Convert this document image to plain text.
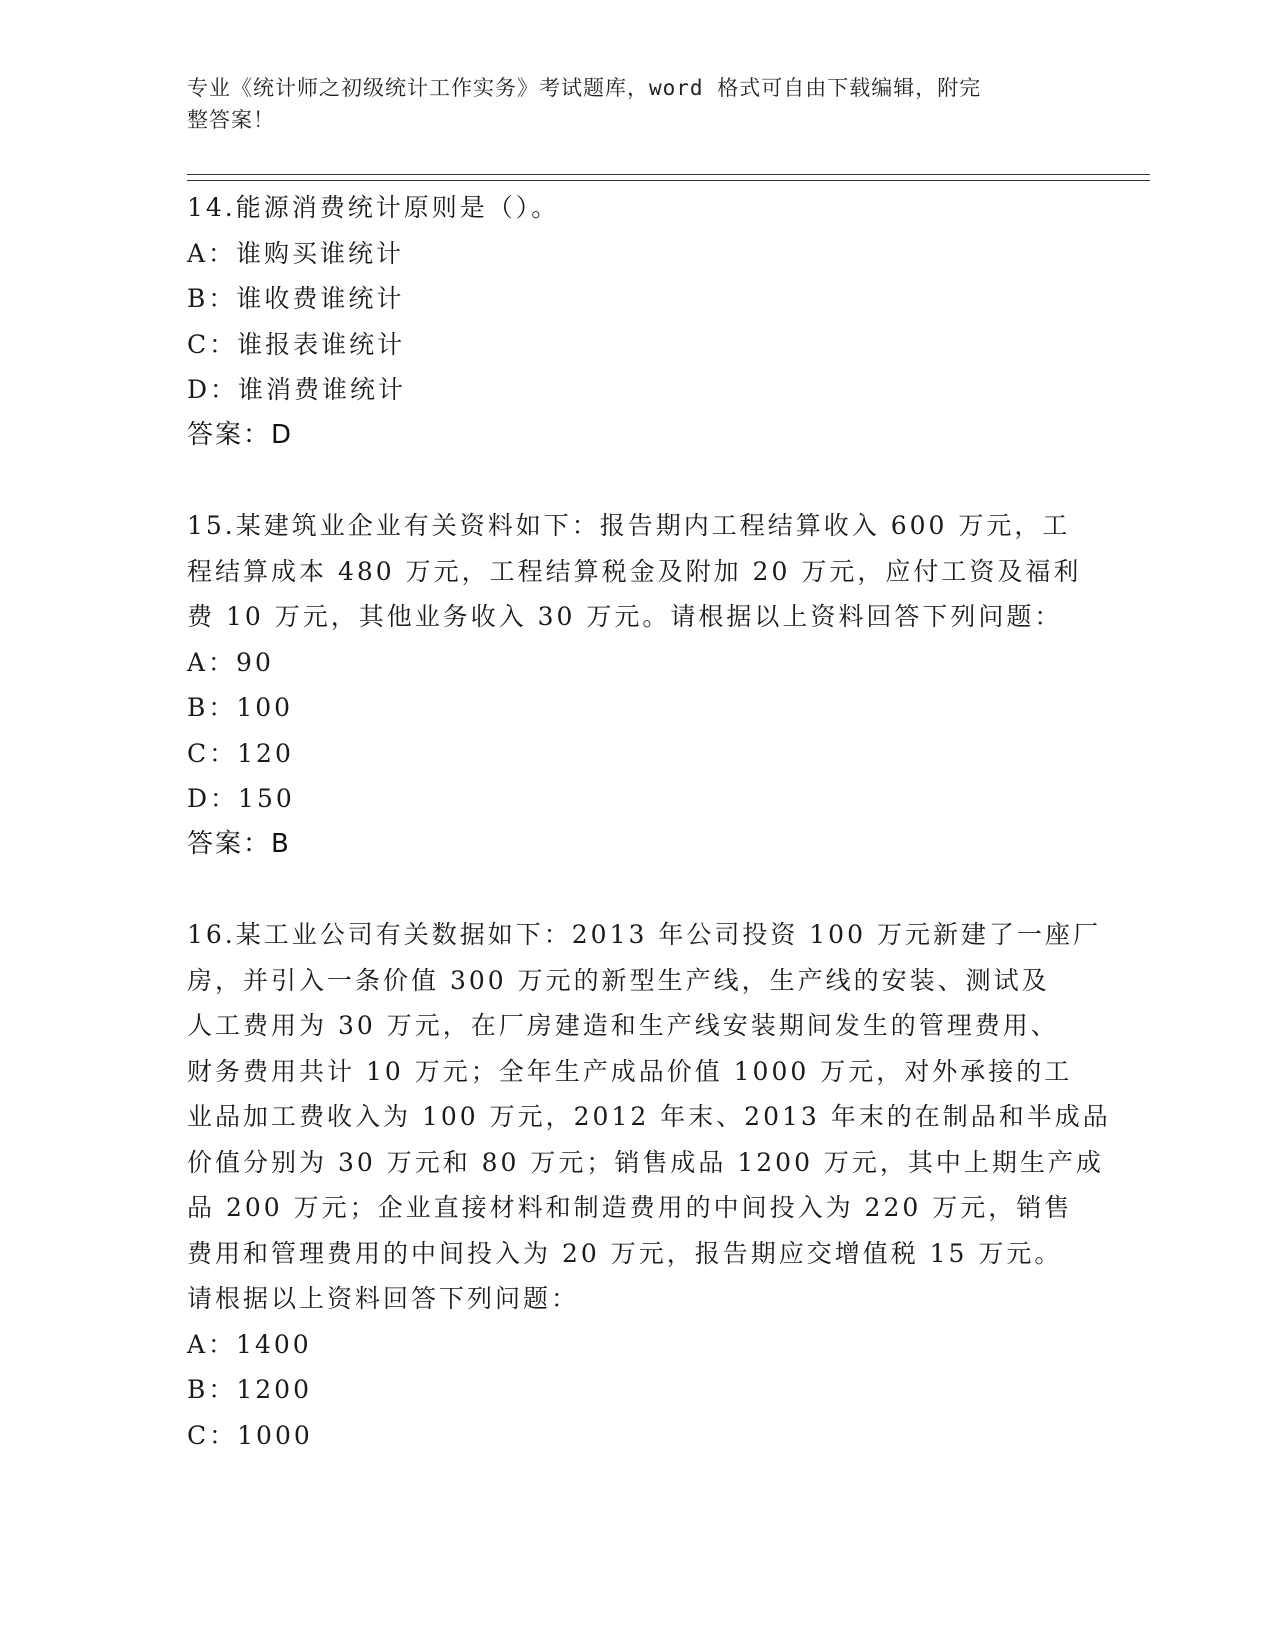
专业《统计师之初级统计工作实务》考试题库，word 格式可自由下载编辑，附完
整答案！
14.能源消费统计原则是（）。
A：谁购买谁统计
B：谁收费谁统计
C：谁报表谁统计
D：谁消费谁统计
答案：D
15.某建筑业企业有关资料如下：报告期内工程结算收入 600 万元，工
程结算成本 480 万元，工程结算税金及附加 20 万元，应付工资及福利
费 10 万元，其他业务收入 30 万元。请根据以上资料回答下列问题：
A：90
B：100
C：120
D：150
答案：B
16.某工业公司有关数据如下：2013 年公司投资 100 万元新建了一座厂
房，并引入一条价值 300 万元的新型生产线，生产线的安装、测试及
人工费用为 30 万元，在厂房建造和生产线安装期间发生的管理费用、
财务费用共计 10 万元；全年生产成品价值 1000 万元，对外承接的工
业品加工费收入为 100 万元，2012 年末、2013 年末的在制品和半成品
价值分别为 30 万元和 80 万元；销售成品 1200 万元，其中上期生产成
品 200 万元；企业直接材料和制造费用的中间投入为 220 万元，销售
费用和管理费用的中间投入为 20 万元，报告期应交增值税 15 万元。
请根据以上资料回答下列问题：
A：1400
B：1200
C：1000
